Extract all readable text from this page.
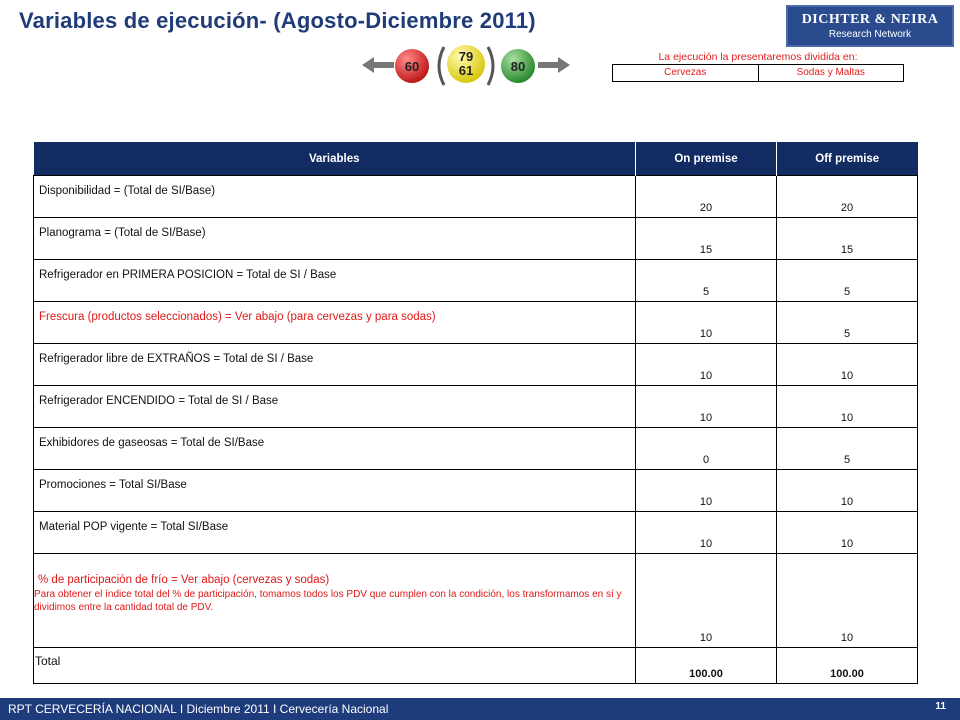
Variables de ejecución- (Agosto-Diciembre 2011)	DICHTER & NEIRA
Research Network
60
79
61	80
La ejecución la presentaremos dividida en:
Cervezas	Sodas y Maltas
Variables	On premise	Off premise
Disponibilidad = (Total de SI/Base)	20	20
Planograma = (Total de SI/Base)	15	15
Refrigerador en PRIMERA POSICION = Total de SI / Base	5	5
Frescura (productos seleccionados) = Ver abajo (para cervezas y para sodas)	10	5
Refrigerador libre de EXTRAÑOS = Total de SI / Base	10	10
Refrigerador ENCENDIDO = Total de SI / Base	10	10
Exhibidores de gaseosas = Total de SI/Base	0	5
Promociones = Total SI/Base	10	10
Material POP vigente = Total SI/Base	10	10
% de participación de frío = Ver abajo (cervezas y sodas)
Para obtener el índice total del % de participación, tomamos todos los PDV que cumplen con la condición, los transformamos en sí y dividimos entre la cantidad total de PDV.	10	10
Total	100.00	100.00
RPT CERVECERÍA NACIONAL I Diciembre 2011 I Cervecería Nacional	11
